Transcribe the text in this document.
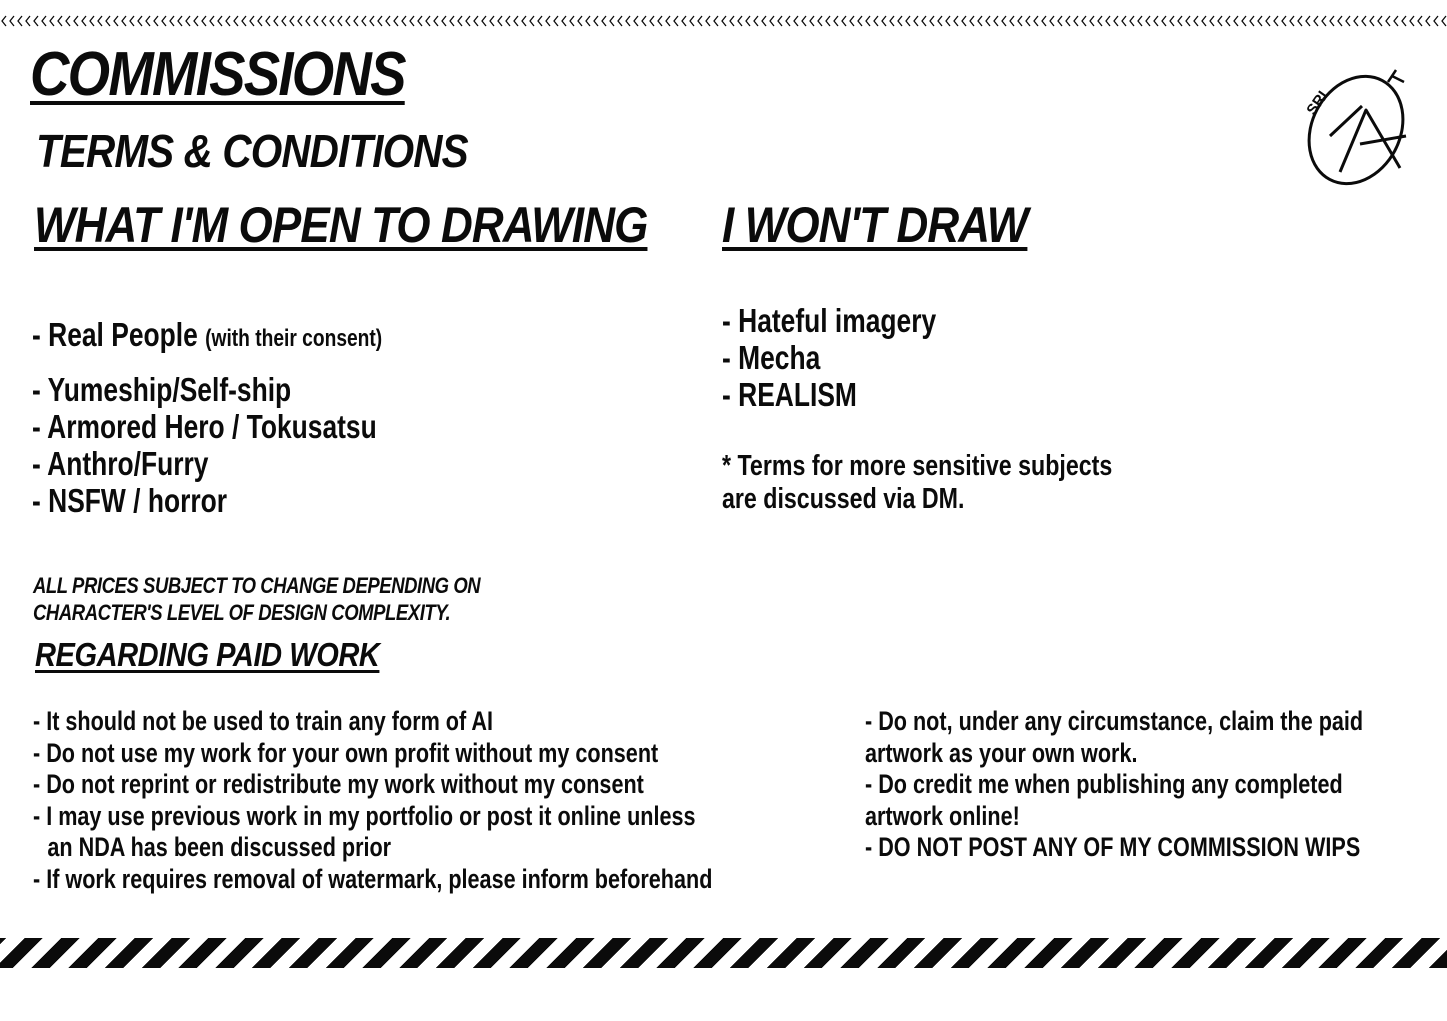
SRL
COMMISSIONS
TERMS & CONDITIONS
WHAT I'M OPEN TO DRAWING
- Real People (with their consent)
- Yumeship/Self-ship
- Armored Hero / Tokusatsu
- Anthro/Furry
- NSFW / horror
I WON'T DRAW
- Hateful imagery
- Mecha
- REALISM

* Terms for more sensitive subjects
are discussed via DM.

ALL PRICES SUBJECT TO CHANGE DEPENDING ON
CHARACTER'S LEVEL OF DESIGN COMPLEXITY.

REGARDING PAID WORK
- It should not be used to train any form of AI
- Do not use my work for your own profit without my consent
- Do not reprint or redistribute my work without my consent
- I may use previous work in my portfolio or post it online unless
an NDA has been discussed prior
- If work requires removal of watermark, please inform beforehand
- Do not, under any circumstance, claim the paid
artwork as your own work.
- Do credit me when publishing any completed
artwork online!
- DO NOT POST ANY OF MY COMMISSION WIPS
